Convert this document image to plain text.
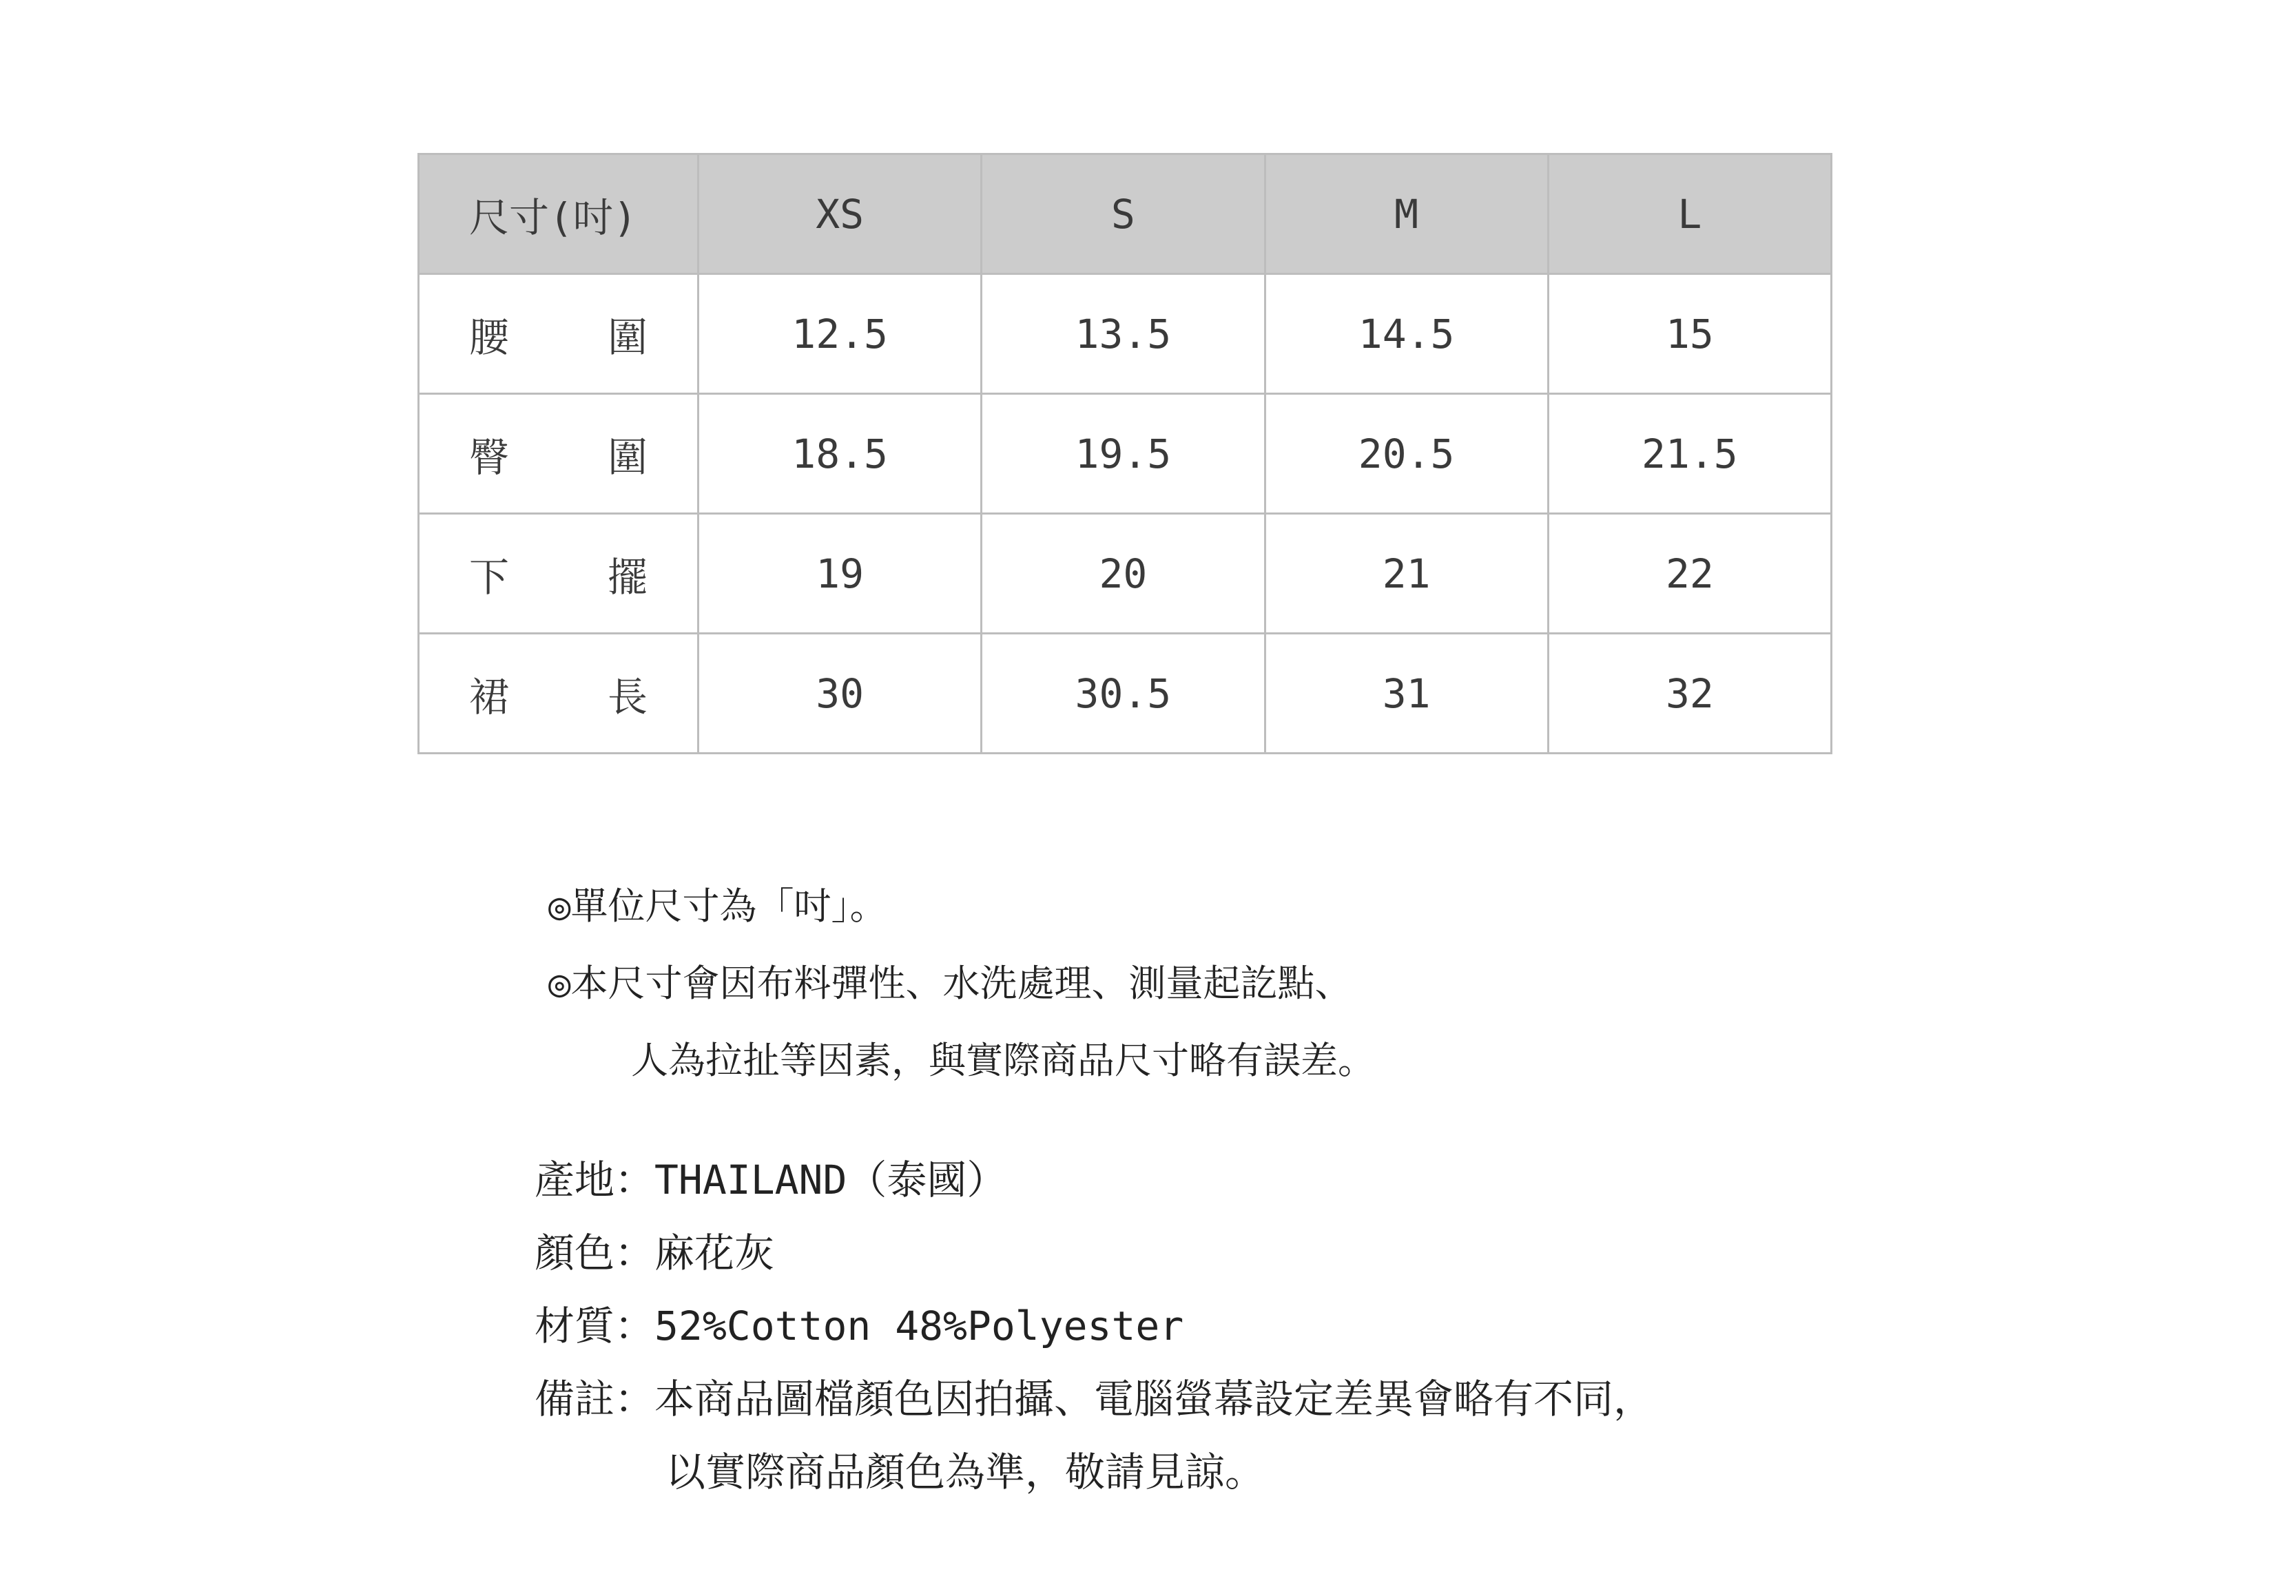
尺寸(吋)	XS	S	M	L

腰 圍	12.5	13.5	14.5	15

臀 圍	18.5	19.5	20.5	21.5

下 擺	19	20	21	22

裙 長	30	30.5	31	32
◎單位尺寸為「吋」。
◎本尺寸會因布料彈性、水洗處理、測量起訖點、
人為拉扯等因素，與實際商品尺寸略有誤差。
產地： THAILAND（泰國）
顏色： 麻花灰
材質： 52%Cotton 48%Polyester
備註： 本商品圖檔顏色因拍攝、電腦螢幕設定差異會略有不同，
以實際商品顏色為準，敬請見諒。
